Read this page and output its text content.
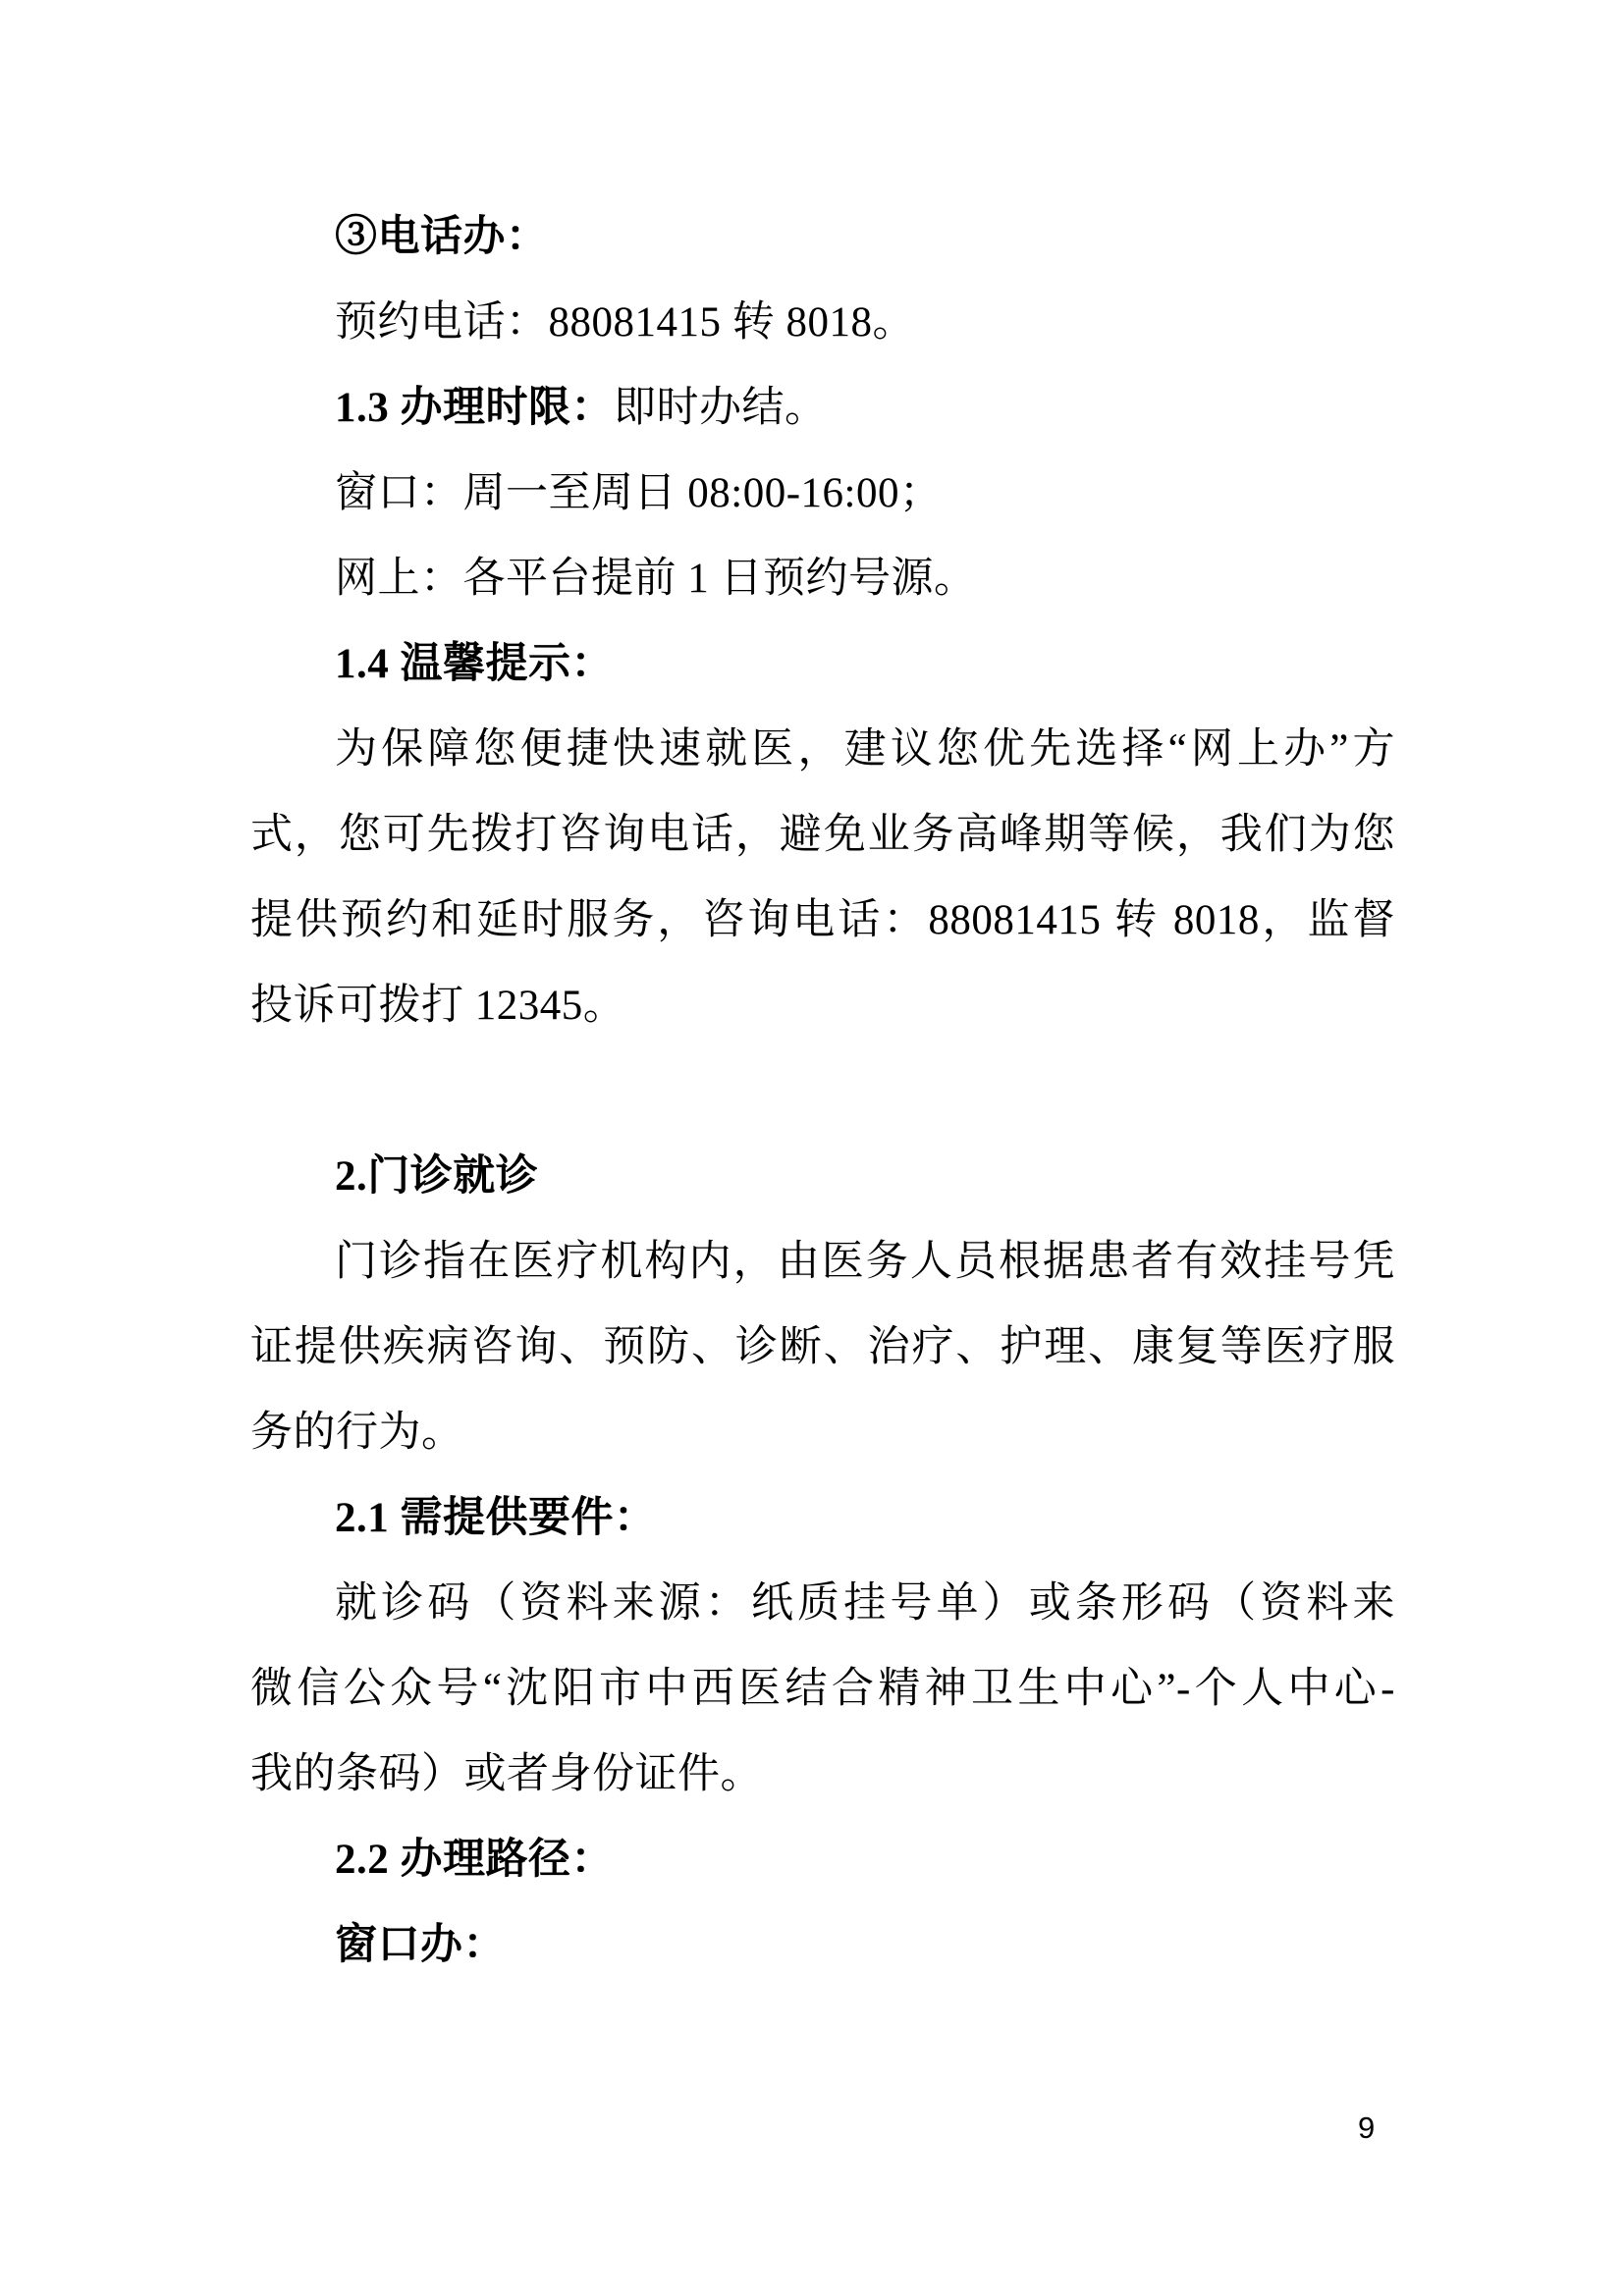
③电话办：
预约电话：88081415 转 8018。
1.3 办理时限：即时办结。
窗口：周一至周日 08:00-16:00；
网上：各平台提前 1 日预约号源。
1.4 温馨提示：
为保障您便捷快速就医，建议您优先选择“网上办”方
式，您可先拨打咨询电话，避免业务高峰期等候，我们为您
提供预约和延时服务，咨询电话：88081415 转 8018，监督
投诉可拨打 12345。
2.门诊就诊
门诊指在医疗机构内，由医务人员根据患者有效挂号凭
证提供疾病咨询、预防、诊断、治疗、护理、康复等医疗服
务的行为。
2.1 需提供要件：
就诊码（资料来源：纸质挂号单）或条形码（资料来
微信公众号“沈阳市中西医结合精神卫生中心”-个人中心-
我的条码）或者身份证件。
2.2 办理路径：
窗口办：
9
